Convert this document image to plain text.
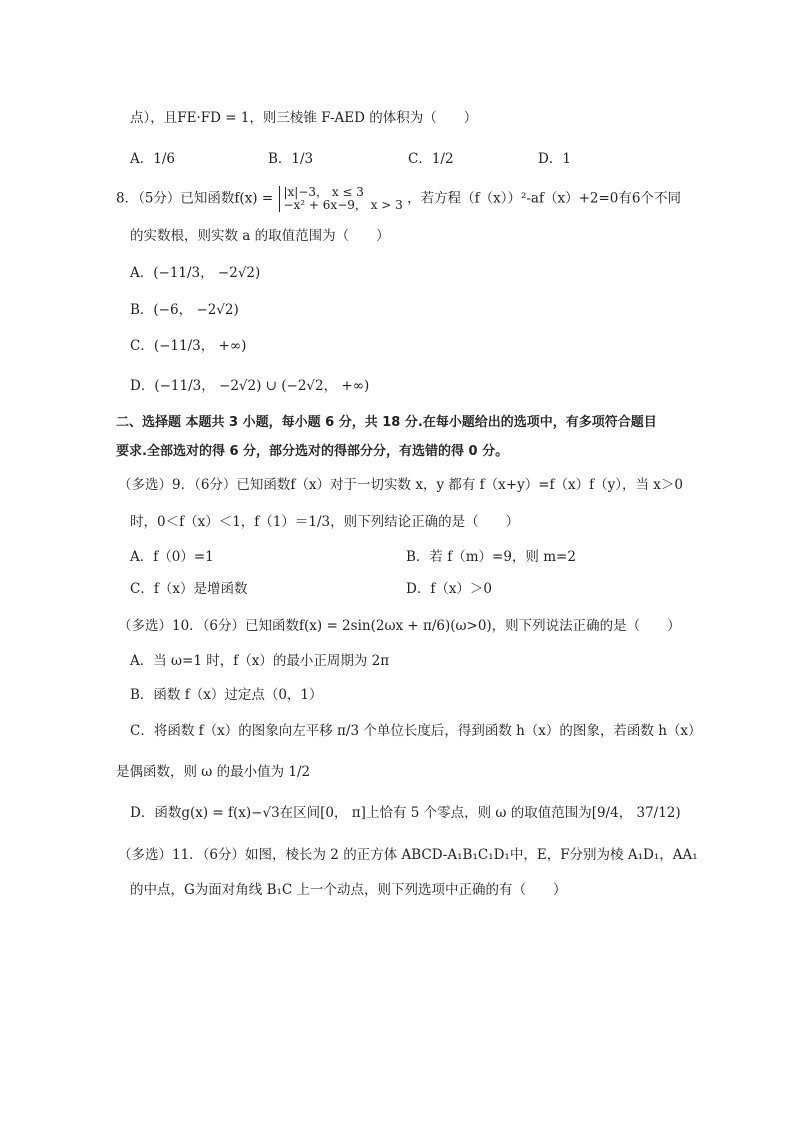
点），且FE·FD = 1，则三棱锥 F-AED 的体积为（　　）
A．1/6	B．1/3	C．1/2	D．1
8．（5分）已知函数f(x) = |x|−3， x ≤ 3
−x² + 6x−9， x > 3 ，若方程（f（x））²-af（x）+2=0有6个不同
的实数根，则实数 a 的取值范围为（　　）
A．(−11/3， −2√2)
B．(−6， −2√2)
C．(−11/3， +∞)
D．(−11/3， −2√2) ∪ (−2√2， +∞)
二、选择题 本题共 3 小题，每小题 6 分，共 18 分.在每小题给出的选项中，有多项符合题目
要求.全部选对的得 6 分，部分选对的得部分分，有选错的得 0 分。
（多选）9．（6分）已知函数f（x）对于一切实数 x，y 都有 f（x+y）=f（x）f（y），当 x＞0
时，0＜f（x）＜1，f（1）＝1/3，则下列结论正确的是（　　）
A．f（0）=1	B．若 f（m）=9，则 m=2
C．f（x）是增函数	D．f（x）＞0
（多选）10．（6分）已知函数f(x) = 2sin(2ωx + π/6)(ω>0)，则下列说法正确的是（　　）
A．当 ω=1 时，f（x）的最小正周期为 2π
B．函数 f（x）过定点（0，1）
C．将函数 f（x）的图象向左平移 π/3 个单位长度后，得到函数 h（x）的图象，若函数 h（x）
是偶函数，则 ω 的最小值为 1/2
D．函数g(x) = f(x)−√3在区间[0， π]上恰有 5 个零点，则 ω 的取值范围为[9/4， 37/12)
（多选）11．（6分）如图，棱长为 2 的正方体 ABCD-A₁B₁C₁D₁中，E，F分别为棱 A₁D₁，AA₁
的中点，G为面对角线 B₁C 上一个动点，则下列选项中正确的有（　　）
